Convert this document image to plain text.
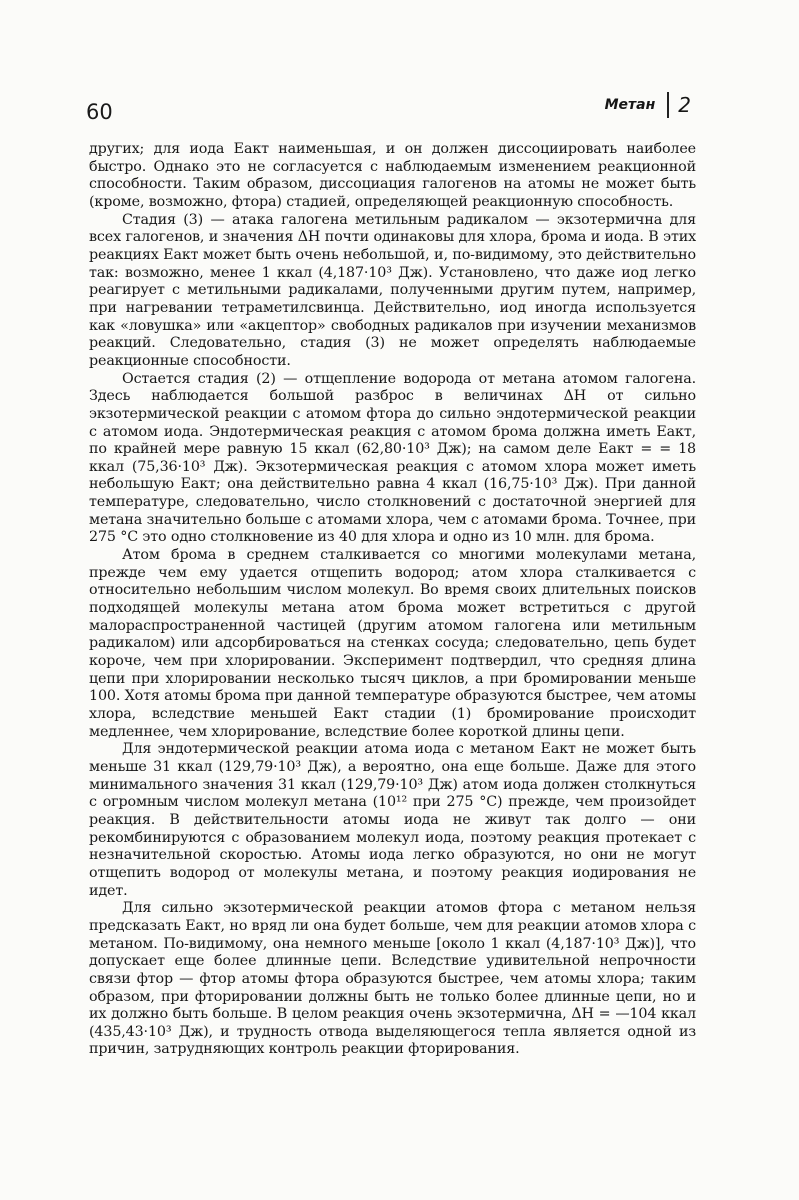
60	Метан 2

других; для иода Eакт наименьшая, и он должен диссоциировать наиболее быстро. Однако это не согласуется с наблюдаемым изменением реакционной способности. Таким образом, диссоциация галогенов на атомы не может быть (кроме, возможно, фтора) стадией, определяющей реакционную способность.

Стадия (3) — атака галогена метильным радикалом — экзотермична для всех галогенов, и значения ΔH почти одинаковы для хлора, брома и иода. В этих реакциях Eакт может быть очень небольшой, и, по-видимому, это действительно так: возможно, менее 1 ккал (4,187·10³ Дж). Установлено, что даже иод легко реагирует с метильными радикалами, полученными другим путем, например, при нагревании тетраметилсвинца. Действительно, иод иногда используется как «ловушка» или «акцептор» свободных радикалов при изучении механизмов реакций. Следовательно, стадия (3) не может определять наблюдаемые реакционные способности.

Остается стадия (2) — отщепление водорода от метана атомом галогена. Здесь наблюдается большой разброс в величинах ΔH от сильно экзотермической реакции с атомом фтора до сильно эндотермической реакции с атомом иода. Эндотермическая реакция с атомом брома должна иметь Eакт, по крайней мере равную 15 ккал (62,80·10³ Дж); на самом деле Eакт = = 18 ккал (75,36·10³ Дж). Экзотермическая реакция с атомом хлора может иметь небольшую Eакт; она действительно равна 4 ккал (16,75·10³ Дж). При данной температуре, следовательно, число столкновений с достаточной энергией для метана значительно больше с атомами хлора, чем с атомами брома. Точнее, при 275 °C это одно столкновение из 40 для хлора и одно из 10 млн. для брома.

Атом брома в среднем сталкивается со многими молекулами метана, прежде чем ему удается отщепить водород; атом хлора сталкивается с относительно небольшим числом молекул. Во время своих длительных поисков подходящей молекулы метана атом брома может встретиться с другой малораспространенной частицей (другим атомом галогена или метильным радикалом) или адсорбироваться на стенках сосуда; следовательно, цепь будет короче, чем при хлорировании. Эксперимент подтвердил, что средняя длина цепи при хлорировании несколько тысяч циклов, а при бромировании меньше 100. Хотя атомы брома при данной температуре образуются быстрее, чем атомы хлора, вследствие меньшей Eакт стадии (1) бромирование происходит медленнее, чем хлорирование, вследствие более короткой длины цепи.

Для эндотермической реакции атома иода с метаном Eакт не может быть меньше 31 ккал (129,79·10³ Дж), а вероятно, она еще больше. Даже для этого минимального значения 31 ккал (129,79·10³ Дж) атом иода должен столкнуться с огромным числом молекул метана (10¹² при 275 °C) прежде, чем произойдет реакция. В действительности атомы иода не живут так долго — они рекомбинируются с образованием молекул иода, поэтому реакция протекает с незначительной скоростью. Атомы иода легко образуются, но они не могут отщепить водород от молекулы метана, и поэтому реакция иодирования не идет.

Для сильно экзотермической реакции атомов фтора с метаном нельзя предсказать Eакт, но вряд ли она будет больше, чем для реакции атомов хлора с метаном. По-видимому, она немного меньше [около 1 ккал (4,187·10³ Дж)], что допускает еще более длинные цепи. Вследствие удивительной непрочности связи фтор — фтор атомы фтора образуются быстрее, чем атомы хлора; таким образом, при фторировании должны быть не только более длинные цепи, но и их должно быть больше. В целом реакция очень экзотермична, ΔH = —104 ккал (435,43·10³ Дж), и трудность отвода выделяющегося тепла является одной из причин, затрудняющих контроль реакции фторирования.
